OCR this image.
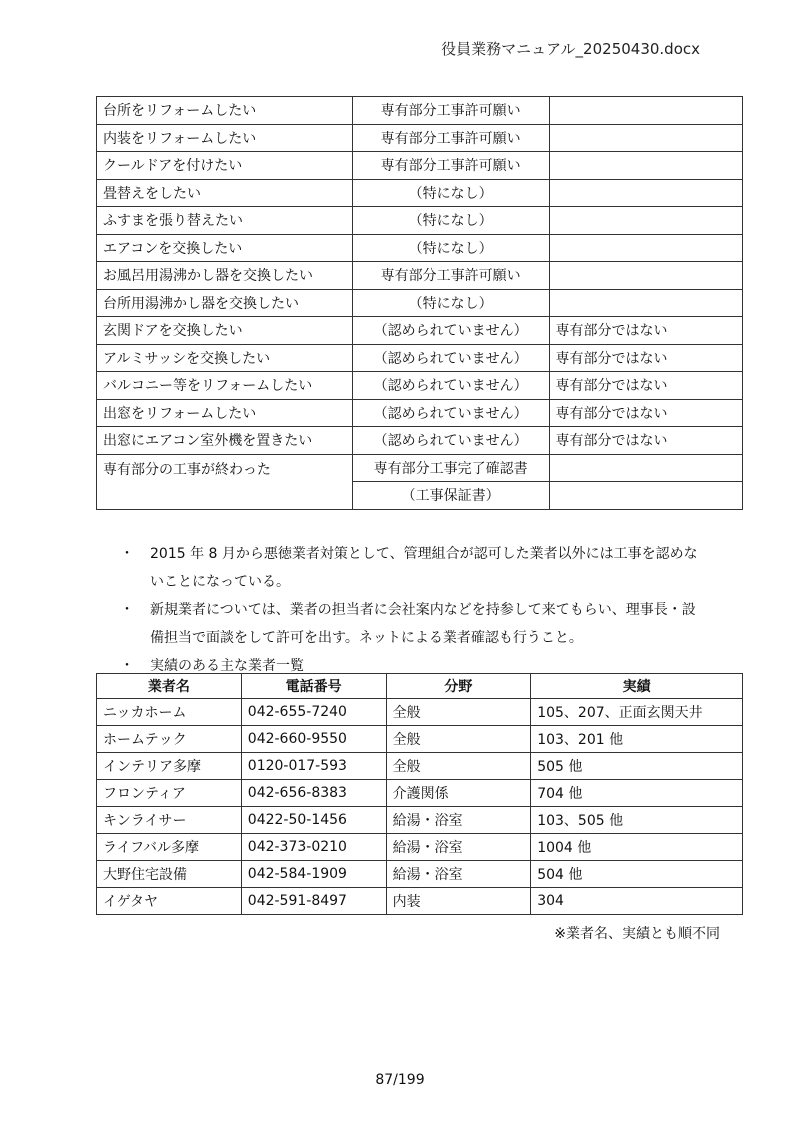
役員業務マニュアル_20250430.docx
台所をリフォームしたい	専有部分工事許可願い	
内装をリフォームしたい	専有部分工事許可願い	
クールドアを付けたい	専有部分工事許可願い	
畳替えをしたい	（特になし）	
ふすまを張り替えたい	（特になし）	
エアコンを交換したい	（特になし）	
お風呂用湯沸かし器を交換したい	専有部分工事許可願い	
台所用湯沸かし器を交換したい	（特になし）	
玄関ドアを交換したい	（認められていません）	専有部分ではない
アルミサッシを交換したい	（認められていません）	専有部分ではない
バルコニー等をリフォームしたい	（認められていません）	専有部分ではない
出窓をリフォームしたい	（認められていません）	専有部分ではない
出窓にエアコン室外機を置きたい	（認められていません）	専有部分ではない
専有部分の工事が終わった	専有部分工事完了確認書	
	（工事保証書）	
・ 2015 年 8 月から悪徳業者対策として、管理組合が認可した業者以外には工事を認めないことになっている。
・ 新規業者については、業者の担当者に会社案内などを持参して来てもらい、理事長・設備担当で面談をして許可を出す。ネットによる業者確認も行うこと。
・ 実績のある主な業者一覧
業者名	電話番号	分野	実績
ニッカホーム	042-655-7240	全般	105、207、正面玄関天井
ホームテック	042-660-9550	全般	103、201 他
インテリア多摩	0120-017-593	全般	505 他
フロンティア	042-656-8383	介護関係	704 他
キンライサー	0422-50-1456	給湯・浴室	103、505 他
ライフバル多摩	042-373-0210	給湯・浴室	1004 他
大野住宅設備	042-584-1909	給湯・浴室	504 他
イゲタヤ	042-591-8497	内装	304
※業者名、実績とも順不同
87/199
